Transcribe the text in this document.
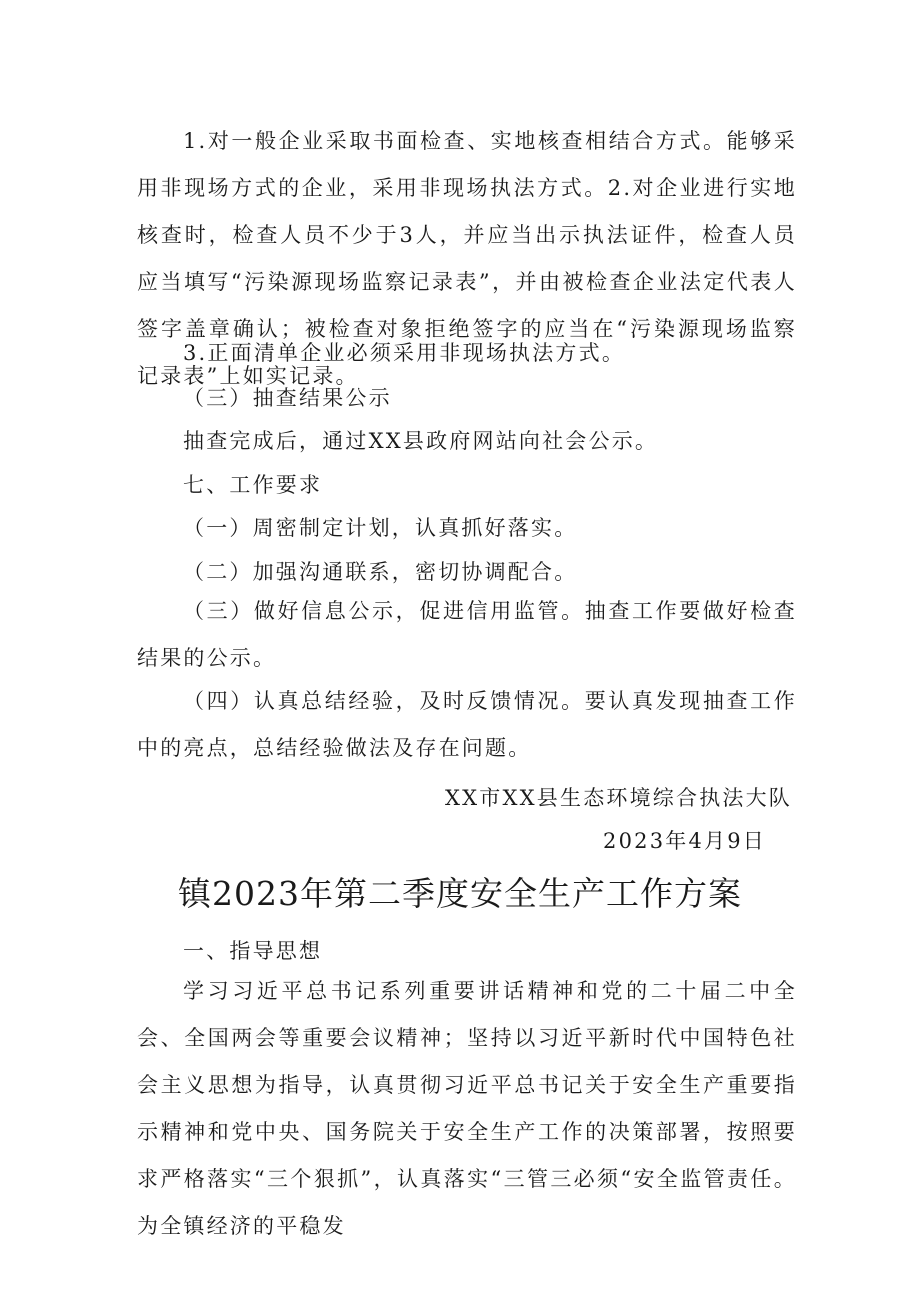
1.对一般企业采取书面检查、实地核查相结合方式。能够采用非现场方式的企业，采用非现场执法方式。2.对企业进行实地核查时，检查人员不少于3人，并应当出示执法证件，检查人员应当填写“污染源现场监察记录表”，并由被检查企业法定代表人签字盖章确认；被检查对象拒绝签字的应当在“污染源现场监察记录表”上如实记录。

3.正面清单企业必须采用非现场执法方式。

（三）抽查结果公示

抽查完成后，通过XX县政府网站向社会公示。

七、工作要求

（一）周密制定计划，认真抓好落实。

（二）加强沟通联系，密切协调配合。

（三）做好信息公示，促进信用监管。抽查工作要做好检查结果的公示。

（四）认真总结经验，及时反馈情况。要认真发现抽查工作中的亮点，总结经验做法及存在问题。

XX市XX县生态环境综合执法大队

2023年4月9日

镇2023年第二季度安全生产工作方案

一、指导思想

学习习近平总书记系列重要讲话精神和党的二十届二中全会、全国两会等重要会议精神；坚持以习近平新时代中国特色社会主义思想为指导，认真贯彻习近平总书记关于安全生产重要指示精神和党中央、国务院关于安全生产工作的决策部署，按照要求严格落实“三个狠抓”，认真落实“三管三必须“安全监管责任。为全镇经济的平稳发
